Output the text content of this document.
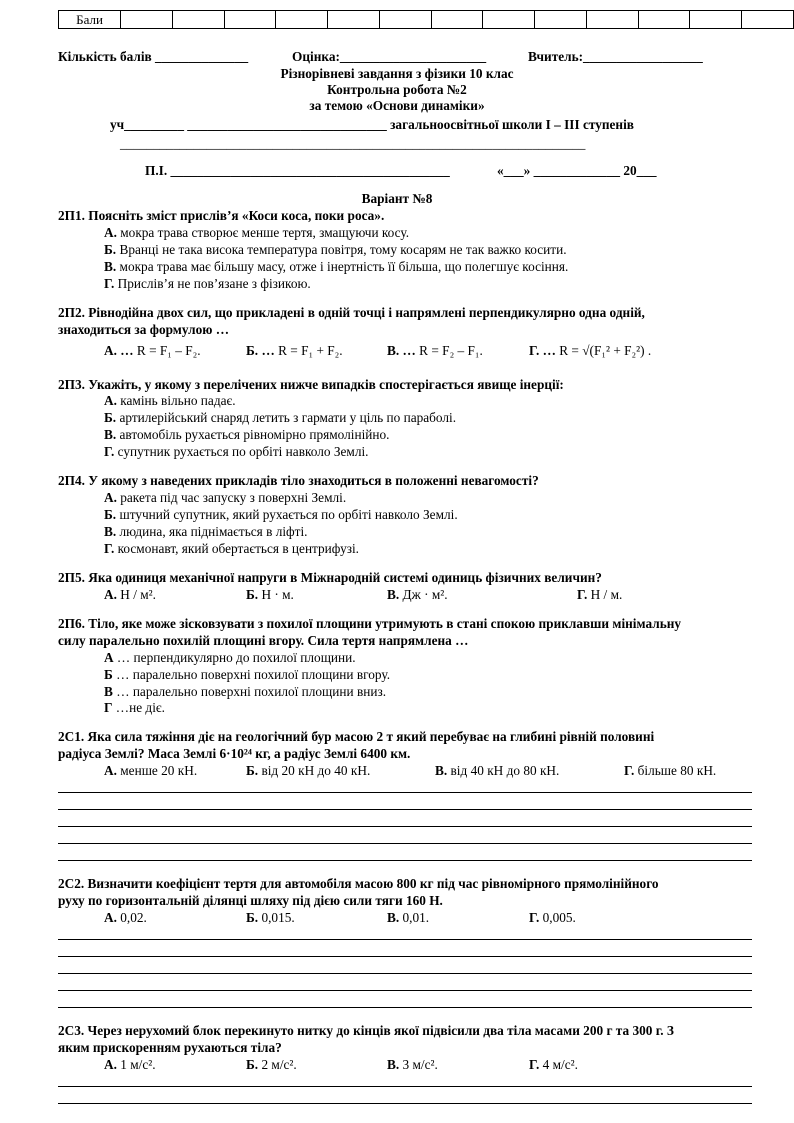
Бали													
Кількість балів ______________	Оцінка:______________________	Вчитель:__________________
Різнорівневі завдання з фізики 10 клас
Контрольна робота №2
за темою «Основи динаміки»
уч_________ ______________________________ загальноосвітньої школи І – ІІІ ступенів
______________________________________________________________________
П.І. __________________________________________	«___» _____________ 20___
Варіант №8
2П1. Поясніть зміст прислів’я «Коси коса, поки роса».
А. мокра трава створює менше тертя, змащуючи косу.
Б. Вранці не така висока температура повітря, тому косарям не так важко косити.
В. мокра трава має більшу масу, отже і інертність її більша, що полегшує косіння.
Г. Прислів’я не пов’язане з фізикою.
2П2. Рівнодійна двох сил, що прикладені в одній точці і напрямлені перпендикулярно одна одній,
знаходиться за формулою …
А. … R = F₁ – F₂.	Б. … R = F₁ + F₂.	В. … R = F₂ – F₁.	Г. … R = √(F₁² + F₂²) .
2П3. Укажіть, у якому з перелічених нижче випадків спостерігається явище інерції:
А. камінь вільно падає.
Б. артилерійський снаряд летить з гармати у ціль по параболі.
В. автомобіль рухається рівномірно прямолінійно.
Г. супутник рухається по орбіті навколо Землі.
2П4. У якому з наведених прикладів тіло знаходиться в положенні невагомості?
А. ракета під час запуску з поверхні Землі.
Б. штучний супутник, який рухається по орбіті навколо Землі.
В. людина, яка піднімається в ліфті.
Г. космонавт, який обертається в центрифузі.
2П5. Яка одиниця механічної напруги в Міжнародній системі одиниць фізичних величин?
А. Н / м².	Б. Н · м.	В. Дж · м².	Г. Н / м.
2П6. Тіло, яке може зісковзувати з похилої площини утримують в стані спокою приклавши мінімальну
силу паралельно похилій площині вгору. Сила тертя напрямлена …
А … перпендикулярно до похилої площини.
Б … паралельно поверхні похилої площини вгору.
В … паралельно поверхні похилої площини вниз.
Г …не діє.
2С1. Яка сила тяжіння діє на геологічний бур масою 2 т який перебуває на глибині рівній половині
радіуса Землі? Маса Землі 6·10²⁴ кг, а радіус Землі 6400 км.
А. менше 20 кН.	Б. від 20 кН до 40 кН.	В. від 40 кН до 80 кН.	Г. більше 80 кН.
2С2. Визначити коефіцієнт тертя для автомобіля масою 800 кг під час рівномірного прямолінійного
руху по горизонтальній ділянці шляху під дією сили тяги 160 Н.
А. 0,02.	Б. 0,015.	В. 0,01.	Г. 0,005.
2С3. Через нерухомий блок перекинуто нитку до кінців якої підвісили два тіла масами 200 г та 300 г. З
яким прискоренням рухаються тіла?
А. 1 м/с².	Б. 2 м/с².	В. 3 м/с².	Г. 4 м/с².
